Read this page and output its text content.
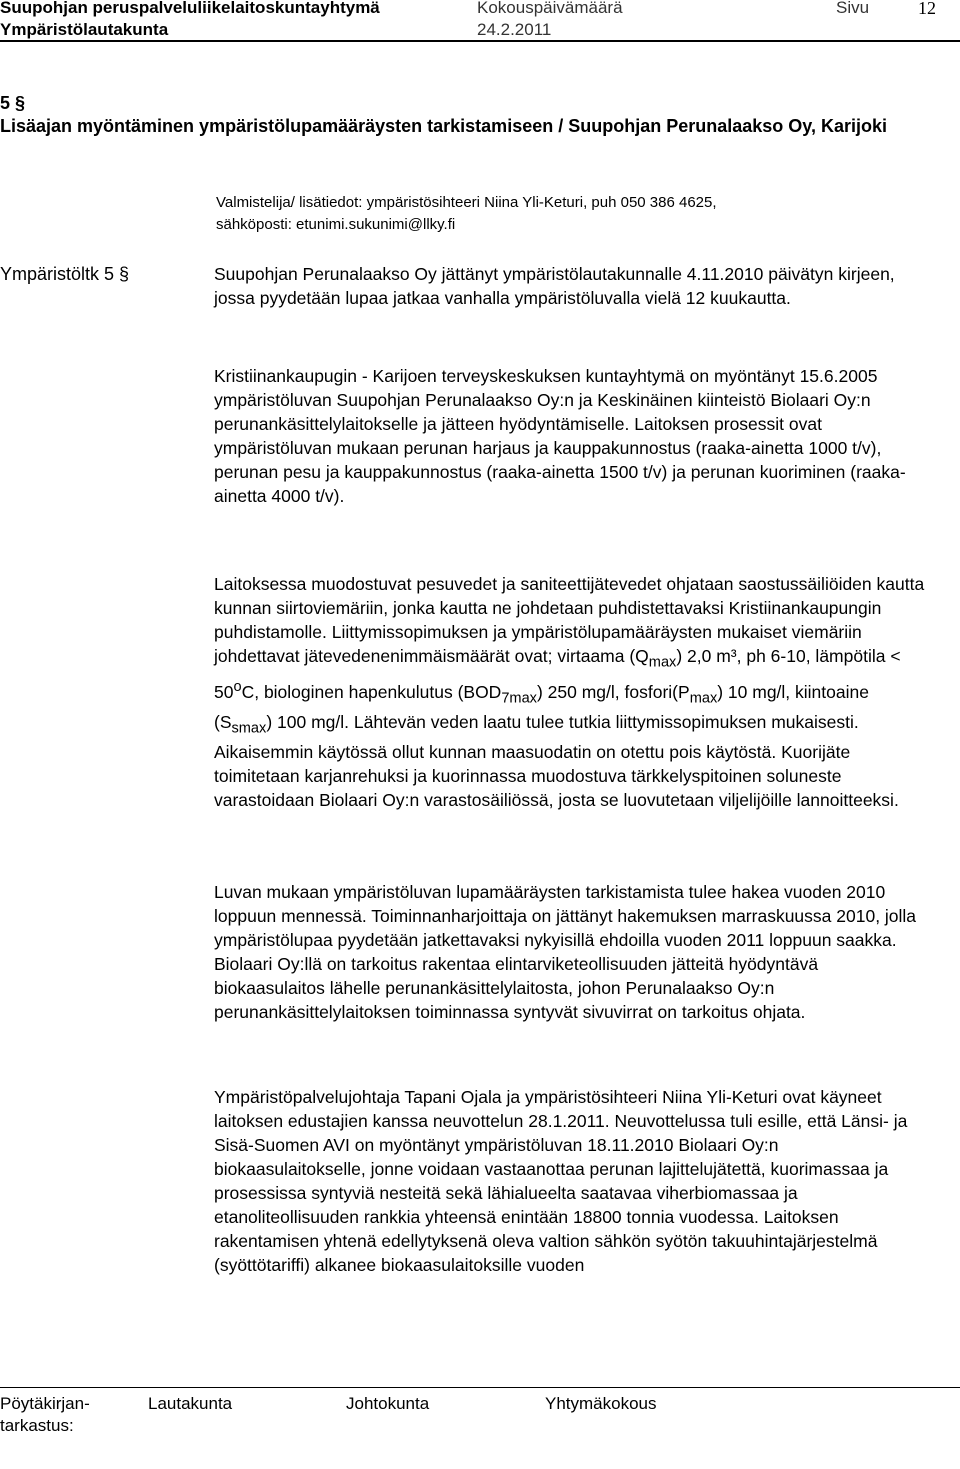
Suupohjan peruspalveluliikelaitoskuntayhtymä	Kokouspäivämäärä	Sivu	12
Ympäristölautakunta	24.2.2011
5 §
Lisäajan myöntäminen ympäristölupamääräysten tarkistamiseen / Suupohjan Perunalaakso Oy, Karijoki
Valmistelija/ lisätiedot: ympäristösihteeri Niina Yli-Keturi, puh 050 386 4625,
sähköposti: etunimi.sukunimi@llky.fi
Ympäristöltk 5 §	Suupohjan Perunalaakso Oy jättänyt ympäristölautakunnalle 4.11.2010 päivätyn kirjeen, jossa pyydetään lupaa jatkaa vanhalla ympäristöluvalla vielä 12 kuukautta.
Kristiinankaupugin - Karijoen terveyskeskuksen kuntayhtymä on myöntänyt 15.6.2005 ympäristöluvan Suupohjan Perunalaakso Oy:n ja Keskinäinen kiinteistö Biolaari Oy:n perunankäsittelylaitokselle ja jätteen hyödyntämiselle. Laitoksen prosessit ovat ympäristöluvan mukaan perunan harjaus ja kauppakunnostus (raaka-ainetta 1000 t/v), perunan pesu ja kauppakunnostus (raaka-ainetta 1500 t/v) ja perunan kuoriminen (raaka-ainetta 4000 t/v).
Laitoksessa muodostuvat pesuvedet ja saniteettijätevedet ohjataan saostussäiliöiden kautta kunnan siirtoviemäriin, jonka kautta ne johdetaan puhdistettavaksi Kristiinankaupungin puhdistamolle. Liittymissopimuksen ja ympäristölupamääräysten mukaiset viemäriin johdettavat jätevedenenimmäismäärät ovat; virtaama $(Q_{max})$ 2,0 m³, ph 6-10, lämpötila < $50^oC$, biologinen hapenkulutus $(BOD_{7max})$ 250 mg/l, $fosfori(P_{max})$ 10 mg/l, kiintoaine $(S_{smax})$ 100 mg/l. Lähtevän veden laatu tulee tutkia liittymissopimuksen mukaisesti. Aikaisemmin käytössä ollut kunnan maasuodatin on otettu pois käytöstä. Kuorijäte toimitetaan karjanrehuksi ja kuorinnassa muodostuva tärkkelyspitoinen soluneste varastoidaan Biolaari Oy:n varastosäiliössä, josta se luovutetaan viljelijöille lannoitteeksi.
Luvan mukaan ympäristöluvan lupamääräysten tarkistamista tulee hakea vuoden 2010 loppuun mennessä. Toiminnanharjoittaja on jättänyt hakemuksen marraskuussa 2010, jolla ympäristölupaa pyydetään jatkettavaksi nykyisillä ehdoilla vuoden 2011 loppuun saakka. Biolaari Oy:llä on tarkoitus rakentaa elintarviketeollisuuden jätteitä hyödyntävä biokaasulaitos lähelle perunankäsittelylaitosta, johon Perunalaakso Oy:n perunankäsittelylaitoksen toiminnassa syntyvät sivuvirrat on tarkoitus ohjata.
Ympäristöpalvelujohtaja Tapani Ojala ja ympäristösihteeri Niina Yli-Keturi ovat käyneet laitoksen edustajien kanssa neuvottelun 28.1.2011. Neuvottelussa tuli esille, että Länsi- ja Sisä-Suomen AVI on myöntänyt ympäristöluvan 18.11.2010 Biolaari Oy:n biokaasulaitokselle, jonne voidaan vastaanottaa perunan lajittelujätettä, kuorimassaa ja prosessissa syntyviä nesteitä sekä lähialueelta saatavaa viherbiomassaa ja etanoliteollisuuden rankkia yhteensä enintään 18800 tonnia vuodessa. Laitoksen rakentamisen yhtenä edellytyksenä oleva valtion sähkön syötön takuuhintajärjestelmä (syöttötariffi) alkanee biokaasulaitoksille vuoden
Pöytäkirjan-tarkastus:
Lautakunta	Johtokunta	Yhtymäkokous
